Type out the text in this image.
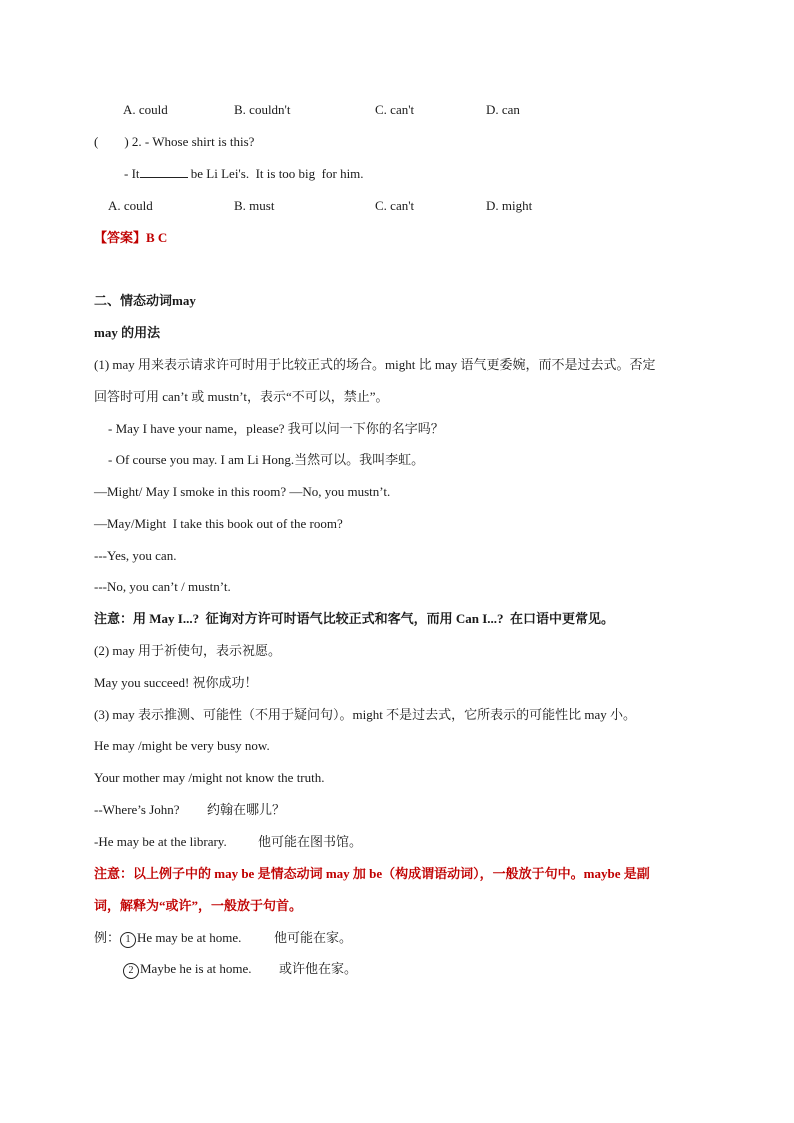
A. could	B. couldn't	C. can't	D. can
(        ) 2. - Whose shirt is this?
- It	be Li Lei's.  It is too big  for him.
A. could	B. must	C. can't	D. might
【答案】B C
二、情态动词may
may 的用法
(1) may 用来表示请求许可时用于比较正式的场合。might 比 may 语气更委婉，而不是过去式。否定
回答时可用 can’t 或 mustn’t，表示“不可以，禁止”。
- May I have your name，please? 我可以问一下你的名字吗？
- Of course you may. I am Li Hong.当然可以。我叫李虹。
—Might/ May I smoke in this room? —No, you mustn’t.
—May/Might  I take this book out of the room?
---Yes, you can.
---No, you can’t / mustn’t.
注意：用 May I...?  征询对方许可时语气比较正式和客气，而用 Can I...?  在口语中更常见。
(2) may 用于祈使句，表示祝愿。
May you succeed! 祝你成功！
(3) may 表示推测、可能性（不用于疑问句）。might 不是过去式，它所表示的可能性比 may 小。
He may /might be very busy now.
Your mother may /might not know the truth.
--Where’s John? 约翰在哪儿？
-He may be at the library. 他可能在图书馆。
注意：以上例子中的 may be 是情态动词 may 加 be（构成谓语动词），一般放于句中。maybe 是副
词，解释为“或许”，一般放于句首。
例： 1 He may be at home.	他可能在家。
2 Maybe he is at home. 或许他在家。
